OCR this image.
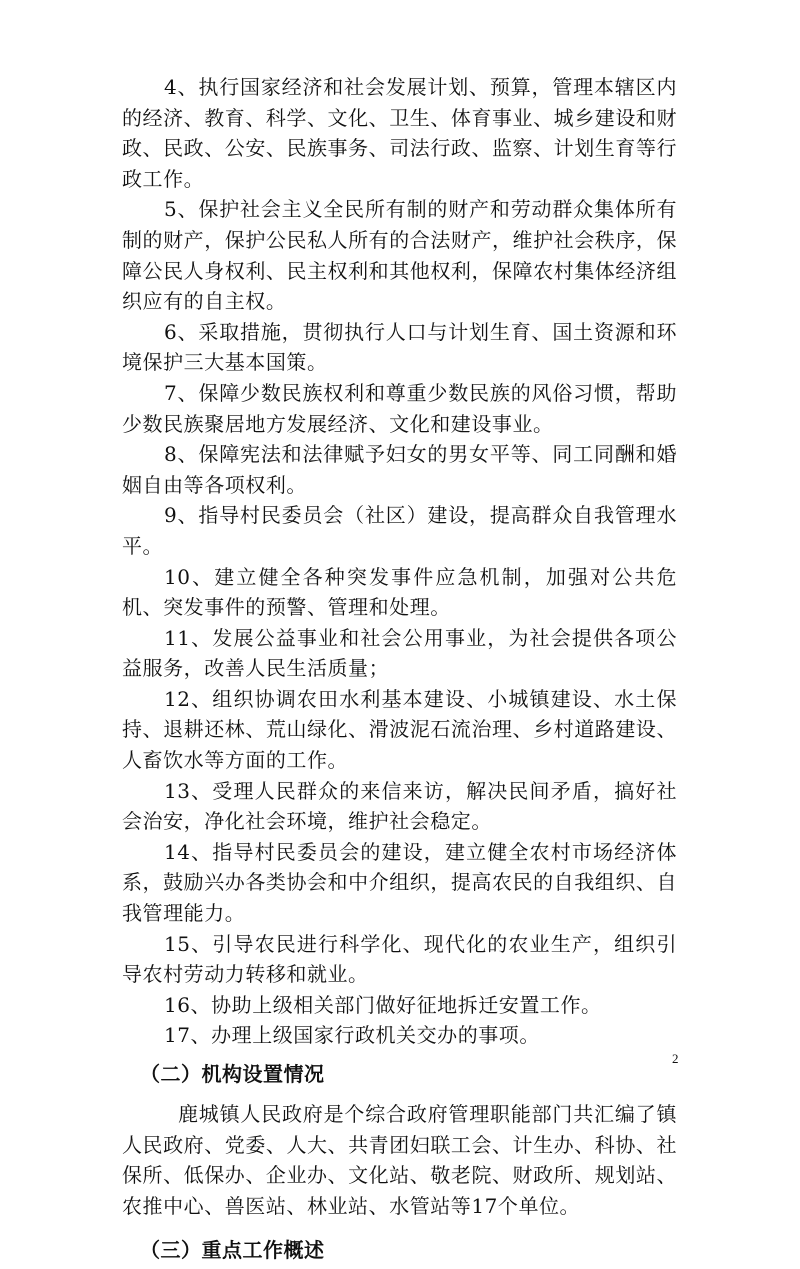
4、执行国家经济和社会发展计划、预算，管理本辖区内的经济、教育、科学、文化、卫生、体育事业、城乡建设和财政、民政、公安、民族事务、司法行政、监察、计划生育等行政工作。

5、保护社会主义全民所有制的财产和劳动群众集体所有制的财产，保护公民私人所有的合法财产，维护社会秩序，保障公民人身权利、民主权利和其他权利，保障农村集体经济组织应有的自主权。

6、采取措施，贯彻执行人口与计划生育、国土资源和环境保护三大基本国策。

7、保障少数民族权利和尊重少数民族的风俗习惯，帮助少数民族聚居地方发展经济、文化和建设事业。

8、保障宪法和法律赋予妇女的男女平等、同工同酬和婚姻自由等各项权利。

9、指导村民委员会（社区）建设，提高群众自我管理水平。

10、建立健全各种突发事件应急机制，加强对公共危机、突发事件的预警、管理和处理。

11、发展公益事业和社会公用事业，为社会提供各项公益服务，改善人民生活质量；

12、组织协调农田水利基本建设、小城镇建设、水土保持、退耕还林、荒山绿化、滑波泥石流治理、乡村道路建设、人畜饮水等方面的工作。

13、受理人民群众的来信来访，解决民间矛盾，搞好社会治安，净化社会环境，维护社会稳定。

14、指导村民委员会的建设，建立健全农村市场经济体系，鼓励兴办各类协会和中介组织，提高农民的自我组织、自我管理能力。

15、引导农民进行科学化、现代化的农业生产，组织引导农村劳动力转移和就业。

16、协助上级相关部门做好征地拆迁安置工作。

17、办理上级国家行政机关交办的事项。

（二）机构设置情况

鹿城镇人民政府是个综合政府管理职能部门共汇编了镇人民政府、党委、人大、共青团妇联工会、计生办、科协、社保所、低保办、企业办、文化站、敬老院、财政所、规划站、农推中心、兽医站、林业站、水管站等17个单位。

（三）重点工作概述
2
